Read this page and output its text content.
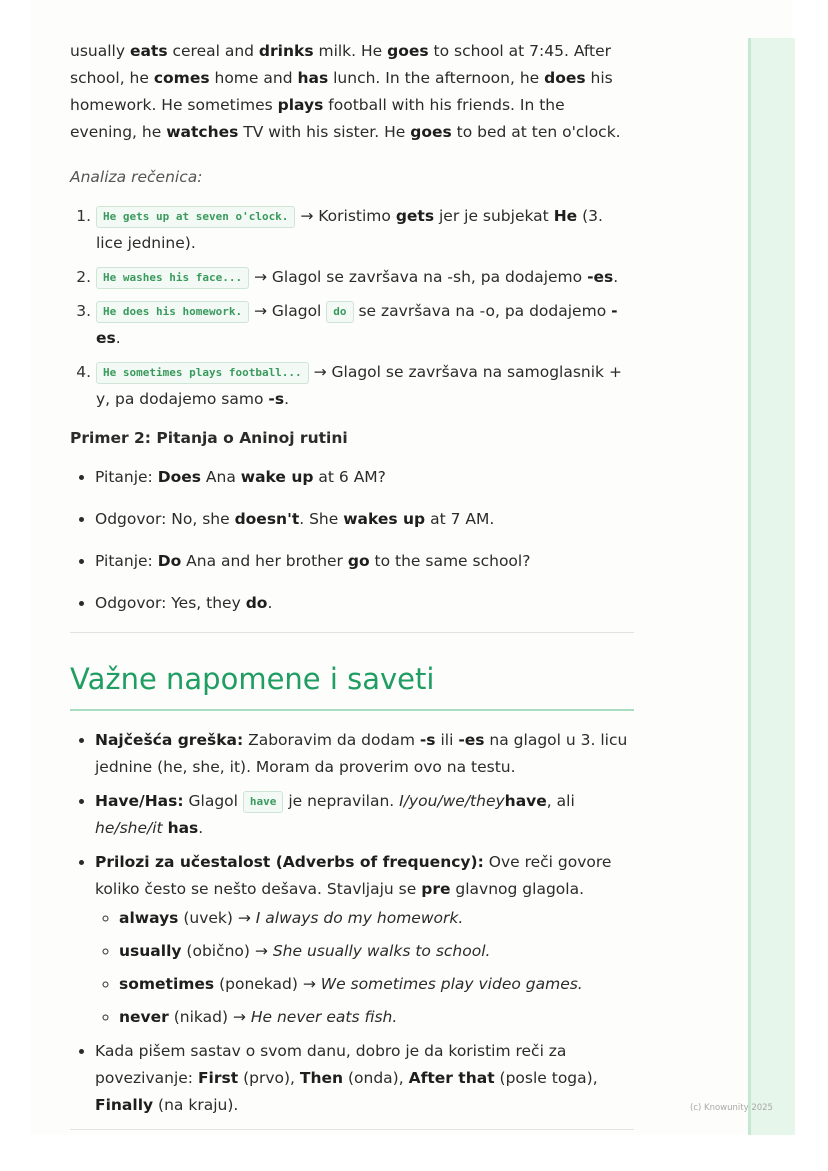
usually eats cereal and drinks milk. He goes to school at 7:45. After school, he comes home and has lunch. In the afternoon, he does his homework. He sometimes plays football with his friends. In the evening, he watches TV with his sister. He goes to bed at ten o'clock.

Analiza rečenica:

1. He gets up at seven o'clock. → Koristimo gets jer je subjekat He (3. lice jednine).
2. He washes his face... → Glagol se završava na -sh, pa dodajemo -es.
3. He does his homework. → Glagol do se završava na -o, pa dodajemo -es.
4. He sometimes plays football... → Glagol se završava na samoglasnik + y, pa dodajemo samo -s.

Primer 2: Pitanja o Aninoj rutini

• Pitanje: Does Ana wake up at 6 AM?
• Odgovor: No, she doesn't. She wakes up at 7 AM.
• Pitanje: Do Ana and her brother go to the same school?
• Odgovor: Yes, they do.
Važne napomene i saveti
• Najčešća greška: Zaboravim da dodam -s ili -es na glagol u 3. licu jednine (he, she, it). Moram da proverim ovo na testu.
• Have/Has: Glagol have je nepravilan. I/you/we/theyhave, ali he/she/it has.
• Prilozi za učestalost (Adverbs of frequency): Ove reči govore koliko često se nešto dešava. Stavljaju se pre glavnog glagola.
◦ always (uvek) → I always do my homework.
◦ usually (obično) → She usually walks to school.
◦ sometimes (ponekad) → We sometimes play video games.
◦ never (nikad) → He never eats fish.
• Kada pišem sastav o svom danu, dobro je da koristim reči za povezivanje: First (prvo), Then (onda), After that (posle toga), Finally (na kraju).	(c) Knowunity 2025
